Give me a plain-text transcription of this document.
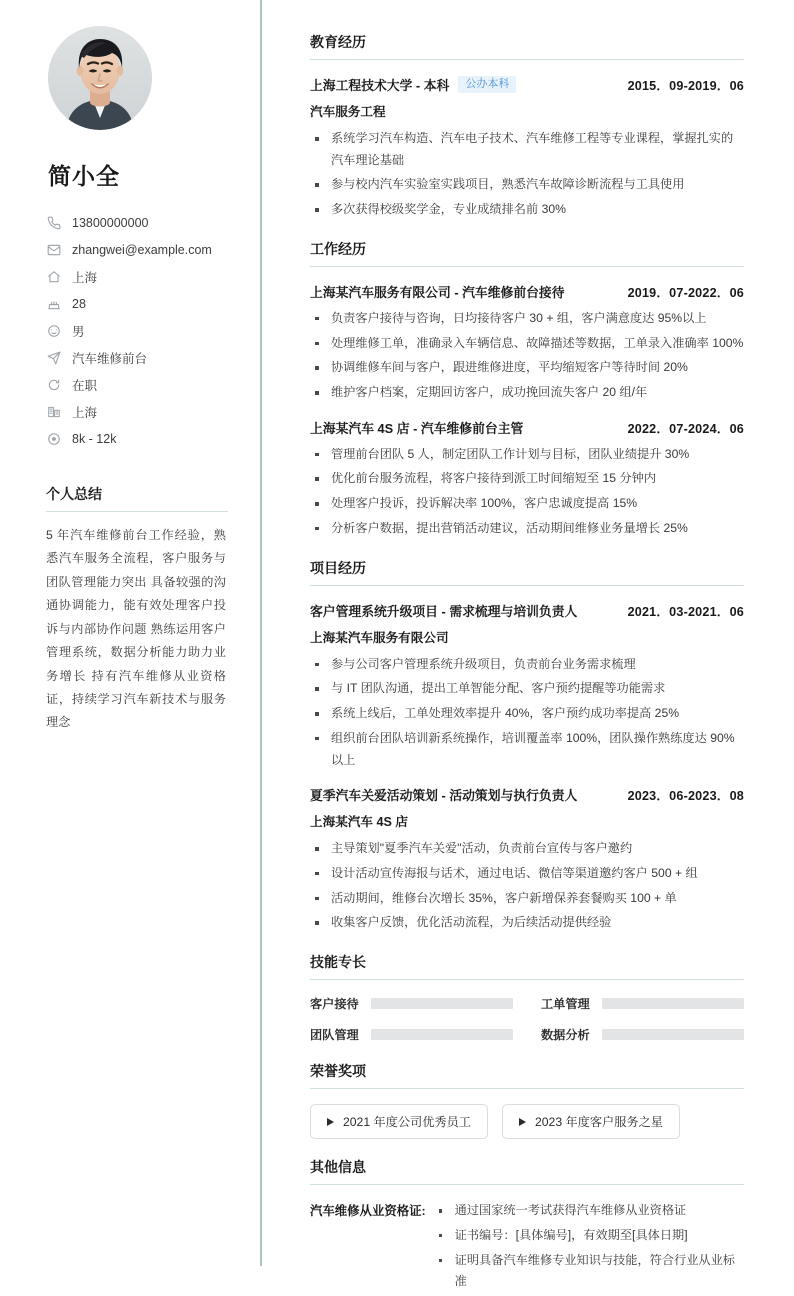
简小全
13800000000
zhangwei@example.com
上海
28
男
汽车维修前台
在职
上海
8k - 12k
个人总结

5 年汽车维修前台工作经验，熟悉汽车服务全流程，客户服务与团队管理能力突出 具备较强的沟通协调能力，能有效处理客户投诉与内部协作问题 熟练运用客户管理系统，数据分析能力助力业务增长 持有汽车维修从业资格证，持续学习汽车新技术与服务理念

教育经历
上海工程技术大学 - 本科	公办本科	2015．09-2019．06
汽车服务工程
系统学习汽车构造、汽车电子技术、汽车维修工程等专业课程，掌握扎实的汽车理论基础
参与校内汽车实验室实践项目，熟悉汽车故障诊断流程与工具使用
多次获得校级奖学金，专业成绩排名前 30%
工作经历
上海某汽车服务有限公司 - 汽车维修前台接待	2019．07-2022．06
负责客户接待与咨询，日均接待客户 30 + 组，客户满意度达 95%以上
处理维修工单，准确录入车辆信息、故障描述等数据，工单录入准确率 100%
协调维修车间与客户，跟进维修进度，平均缩短客户等待时间 20%
维护客户档案，定期回访客户，成功挽回流失客户 20 组/年
上海某汽车 4S 店 - 汽车维修前台主管	2022．07-2024．06
管理前台团队 5 人，制定团队工作计划与目标，团队业绩提升 30%
优化前台服务流程，将客户接待到派工时间缩短至 15 分钟内
处理客户投诉，投诉解决率 100%，客户忠诚度提高 15%
分析客户数据，提出营销活动建议，活动期间维修业务量增长 25%
项目经历
客户管理系统升级项目 - 需求梳理与培训负责人	2021．03-2021．06
上海某汽车服务有限公司
参与公司客户管理系统升级项目，负责前台业务需求梳理
与 IT 团队沟通，提出工单智能分配、客户预约提醒等功能需求
系统上线后，工单处理效率提升 40%，客户预约成功率提高 25%
组织前台团队培训新系统操作，培训覆盖率 100%，团队操作熟练度达 90%以上
夏季汽车关爱活动策划 - 活动策划与执行负责人	2023．06-2023．08
上海某汽车 4S 店
主导策划"夏季汽车关爱"活动，负责前台宣传与客户邀约
设计活动宣传海报与话术，通过电话、微信等渠道邀约客户 500 + 组
活动期间，维修台次增长 35%，客户新增保养套餐购买 100 + 单
收集客户反馈，优化活动流程，为后续活动提供经验
技能专长
客户接待	工单管理
团队管理	数据分析
荣誉奖项
2021 年度公司优秀员工	2023 年度客户服务之星
其他信息
汽车维修从业资格证:	通过国家统一考试获得汽车维修从业资格证
证书编号：[具体编号]，有效期至[具体日期]
证明具备汽车维修专业知识与技能，符合行业从业标准
